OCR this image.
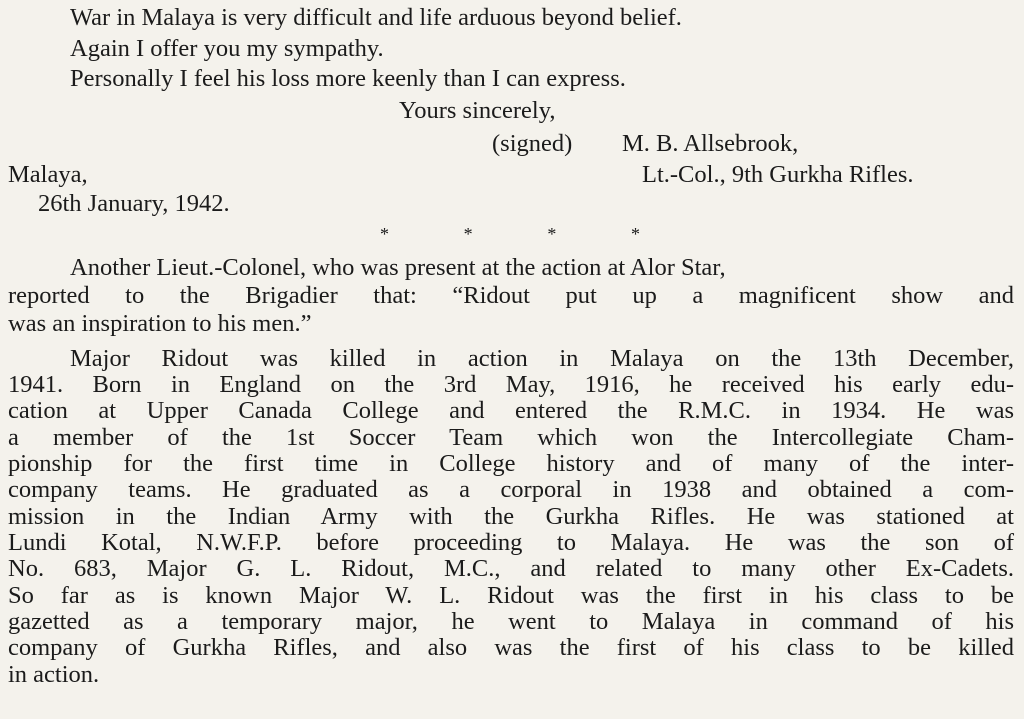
War in Malaya is very difficult and life arduous beyond belief.
Again I offer you my sympathy.
Personally I feel his loss more keenly than I can express.
Yours sincerely,
(signed) M. B. Allsebrook,
Malaya,	Lt.-Col., 9th Gurkha Rifles.
26th January, 1942.
*	*	*	*
Another Lieut.-Colonel, who was present at the action at Alor Star,
reported to the Brigadier that: “Ridout put up a magnificent show and
was an inspiration to his men.”
Major Ridout was killed in action in Malaya on the 13th December,
1941. Born in England on the 3rd May, 1916, he received his early edu-
cation at Upper Canada College and entered the R.M.C. in 1934. He was
a member of the 1st Soccer Team which won the Intercollegiate Cham-
pionship for the first time in College history and of many of the inter-
company teams. He graduated as a corporal in 1938 and obtained a com-
mission in the Indian Army with the Gurkha Rifles. He was stationed at
Lundi Kotal, N.W.F.P. before proceeding to Malaya. He was the son of
No. 683, Major G. L. Ridout, M.C., and related to many other Ex-Cadets.
So far as is known Major W. L. Ridout was the first in his class to be
gazetted as a temporary major, he went to Malaya in command of his
company of Gurkha Rifles, and also was the first of his class to be killed
in action.
